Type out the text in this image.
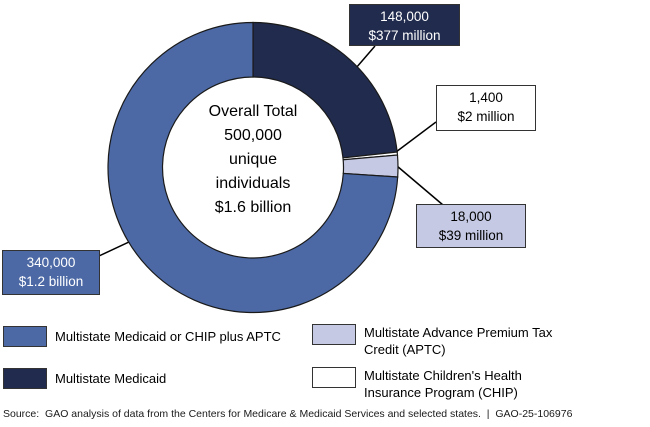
Overall Total
500,000
unique
individuals
$1.6 billion
148,000
$377 million
1,400
$2 million
18,000
$39 million
340,000
$1.2 billion
Multistate Medicaid or CHIP plus APTC
Multistate Medicaid
Multistate Advance Premium Tax Credit (APTC)
Multistate Children's Health Insurance Program (CHIP)
Source:  GAO analysis of data from the Centers for Medicare & Medicaid Services and selected states.  |  GAO-25-106976
